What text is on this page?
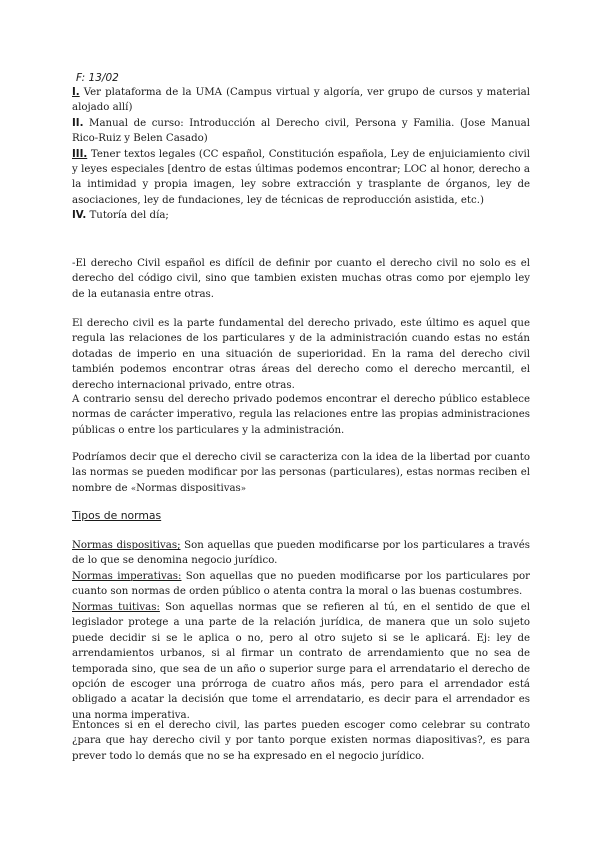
F: 13/02

I. Ver plataforma de la UMA (Campus virtual y algoría, ver grupo de cursos y material alojado allí)

II. Manual de curso: Introducción al Derecho civil, Persona y Familia. (Jose Manual Rico-Ruiz y Belen Casado)

III. Tener textos legales (CC español, Constitución española, Ley de enjuiciamiento civil y leyes especiales [dentro de estas últimas podemos encontrar; LOC al honor, derecho a la intimidad y propia imagen, ley sobre extracción y trasplante de órganos, ley de asociaciones, ley de fundaciones, ley de técnicas de reproducción asistida, etc.)

IV. Tutoría del día;

-El derecho Civil español es difícil de definir por cuanto el derecho civil no solo es el derecho del código civil, sino que tambien existen muchas otras como por ejemplo ley de la eutanasia entre otras.

El derecho civil es la parte fundamental del derecho privado, este último es aquel que regula las relaciones de los particulares y de la administración cuando estas no están dotadas de imperio en una situación de superioridad. En la rama del derecho civil también podemos encontrar otras áreas del derecho como el derecho mercantil, el derecho internacional privado, entre otras.

A contrario sensu del derecho privado podemos encontrar el derecho público establece normas de carácter imperativo, regula las relaciones entre las propias administraciones públicas o entre los particulares y la administración.

Podríamos decir que el derecho civil se caracteriza con la idea de la libertad por cuanto las normas se pueden modificar por las personas (particulares), estas normas reciben el nombre de «Normas dispositivas»

Tipos de normas

Normas dispositivas; Son aquellas que pueden modificarse por los particulares a través de lo que se denomina negocio jurídico.

Normas imperativas: Son aquellas que no pueden modificarse por los particulares por cuanto son normas de orden público o atenta contra la moral o las buenas costumbres.

Normas tuitivas: Son aquellas normas que se refieren al tú, en el sentido de que el legislador protege a una parte de la relación jurídica, de manera que un solo sujeto puede decidir si se le aplica o no, pero al otro sujeto si se le aplicará. Ej: ley de arrendamientos urbanos, si al firmar un contrato de arrendamiento que no sea de temporada sino, que sea de un año o superior surge para el arrendatario el derecho de opción de escoger una prórroga de cuatro años más, pero para el arrendador está obligado a acatar la decisión que tome el arrendatario, es decir para el arrendador es una norma imperativa.

Entonces si en el derecho civil, las partes pueden escoger como celebrar su contrato ¿para que hay derecho civil y por tanto porque existen normas diapositivas?, es para prever todo lo demás que no se ha expresado en el negocio jurídico.
